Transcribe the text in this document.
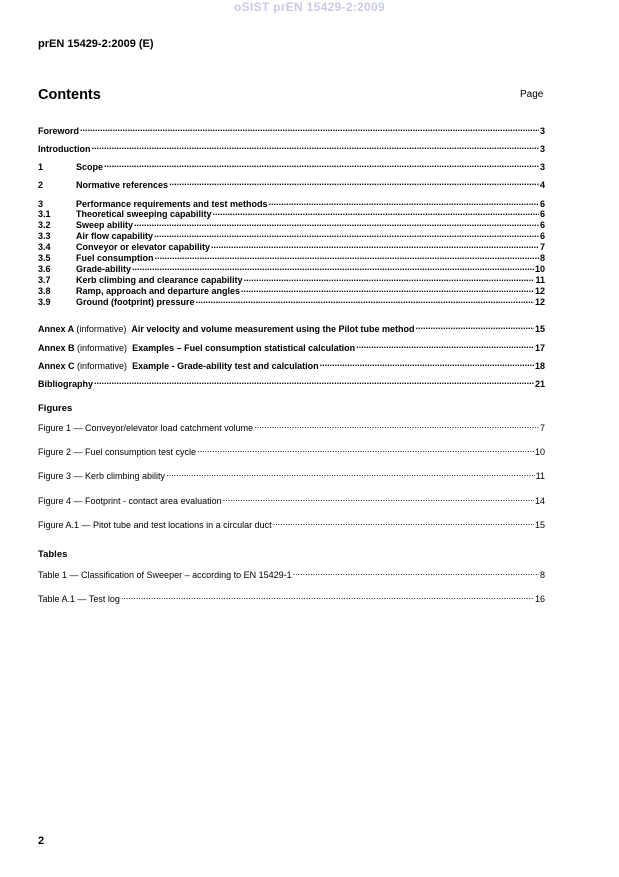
oSIST prEN 15429-2:2009
prEN 15429-2:2009 (E)
Contents	Page
Foreword .....	3
Introduction .....	3
1	Scope .....	3
2	Normative references .....	4
3	Performance requirements and test methods .....	6
3.1	Theoretical sweeping capability .....	6
3.2	Sweep ability .....	6
3.3	Air flow capability .....	6
3.4	Conveyor or elevator capability .....	7
3.5	Fuel consumption .....	8
3.6	Grade-ability .....	10
3.7	Kerb climbing and clearance capability .....	11
3.8	Ramp, approach and departure angles .....	12
3.9	Ground (footprint) pressure .....	12
Annex A (informative) Air velocity and volume measurement using the Pilot tube method .....	15
Annex B (informative) Examples – Fuel consumption statistical calculation .....	17
Annex C (informative) Example - Grade-ability test and calculation .....	18
Bibliography .....	21
Figures
Figure 1 — Conveyor/elevator load catchment volume .....	7
Figure 2 — Fuel consumption test cycle .....	10
Figure 3 — Kerb climbing ability .....	11
Figure 4 — Footprint - contact area evaluation .....	14
Figure A.1 — Pitot tube and test locations in a circular duct .....	15
Tables
Table 1 — Classification of Sweeper – according to EN 15429-1 .....	8
Table A.1 — Test log .....	16
2
